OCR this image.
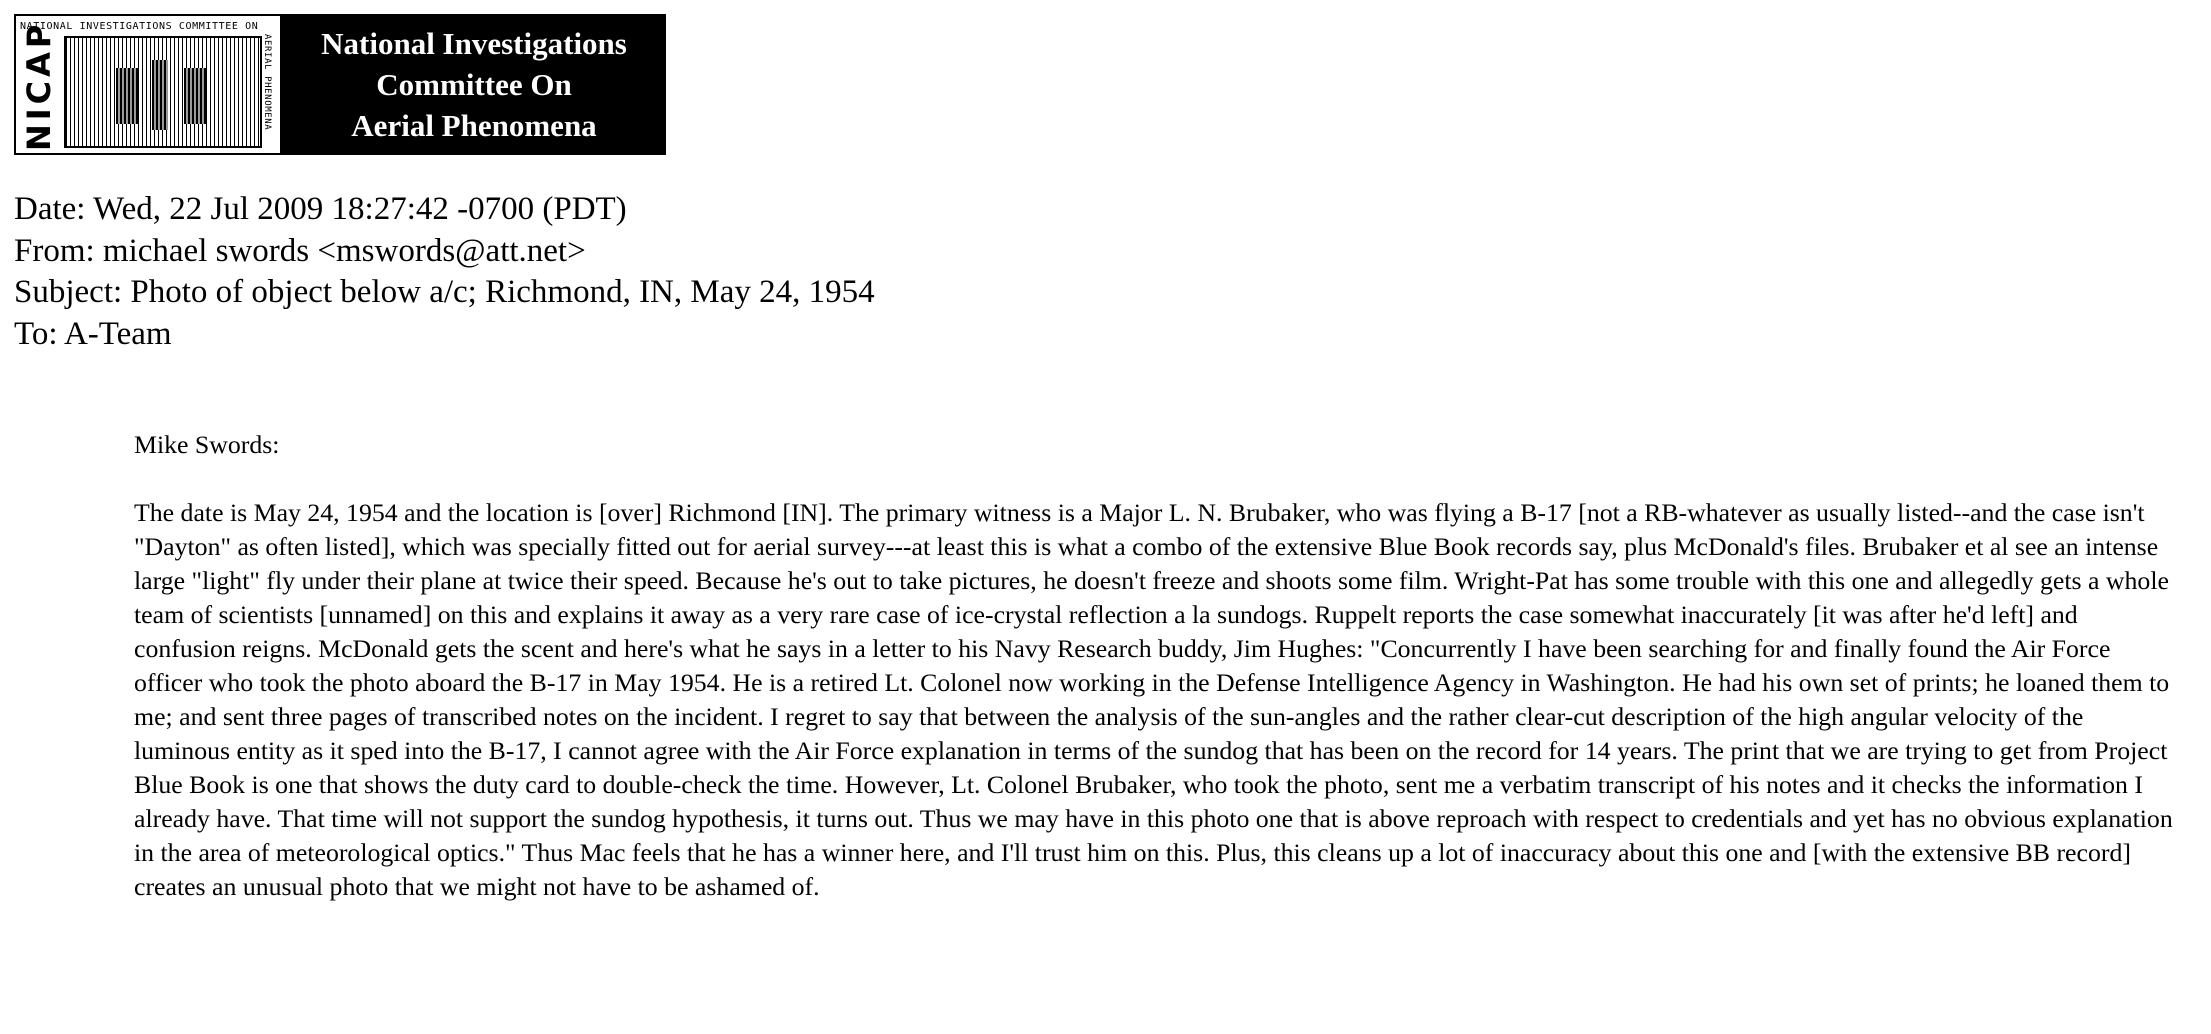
NATIONAL INVESTIGATIONS COMMITTEE ON
AERIAL PHENOMENA
NICAP	National Investigations
Committee On
Aerial Phenomena
Date: Wed, 22 Jul 2009 18:27:42 -0700 (PDT)
From: michael swords <mswords@att.net>
Subject: Photo of object below a/c; Richmond, IN, May 24, 1954
To: A-Team

Mike Swords:

The date is May 24, 1954 and the location is [over] Richmond [IN]. The primary witness is a Major L. N. Brubaker, who was flying a B-17 [not a RB-whatever as usually listed--and the case isn't "Dayton" as often listed], which was specially fitted out for aerial survey---at least this is what a combo of the extensive Blue Book records say, plus McDonald's files. Brubaker et al see an intense large "light" fly under their plane at twice their speed. Because he's out to take pictures, he doesn't freeze and shoots some film. Wright-Pat has some trouble with this one and allegedly gets a whole team of scientists [unnamed] on this and explains it away as a very rare case of ice-crystal reflection a la sundogs. Ruppelt reports the case somewhat inaccurately [it was after he'd left] and confusion reigns. McDonald gets the scent and here's what he says in a letter to his Navy Research buddy, Jim Hughes: "Concurrently I have been searching for and finally found the Air Force officer who took the photo aboard the B-17 in May 1954. He is a retired Lt. Colonel now working in the Defense Intelligence Agency in Washington. He had his own set of prints; he loaned them to me; and sent three pages of transcribed notes on the incident. I regret to say that between the analysis of the sun-angles and the rather clear-cut description of the high angular velocity of the luminous entity as it sped into the B-17, I cannot agree with the Air Force explanation in terms of the sundog that has been on the record for 14 years. The print that we are trying to get from Project Blue Book is one that shows the duty card to double-check the time. However, Lt. Colonel Brubaker, who took the photo, sent me a verbatim transcript of his notes and it checks the information I already have. That time will not support the sundog hypothesis, it turns out. Thus we may have in this photo one that is above reproach with respect to credentials and yet has no obvious explanation in the area of meteorological optics." Thus Mac feels that he has a winner here, and I'll trust him on this. Plus, this cleans up a lot of inaccuracy about this one and [with the extensive BB record] creates an unusual photo that we might not have to be ashamed of.
